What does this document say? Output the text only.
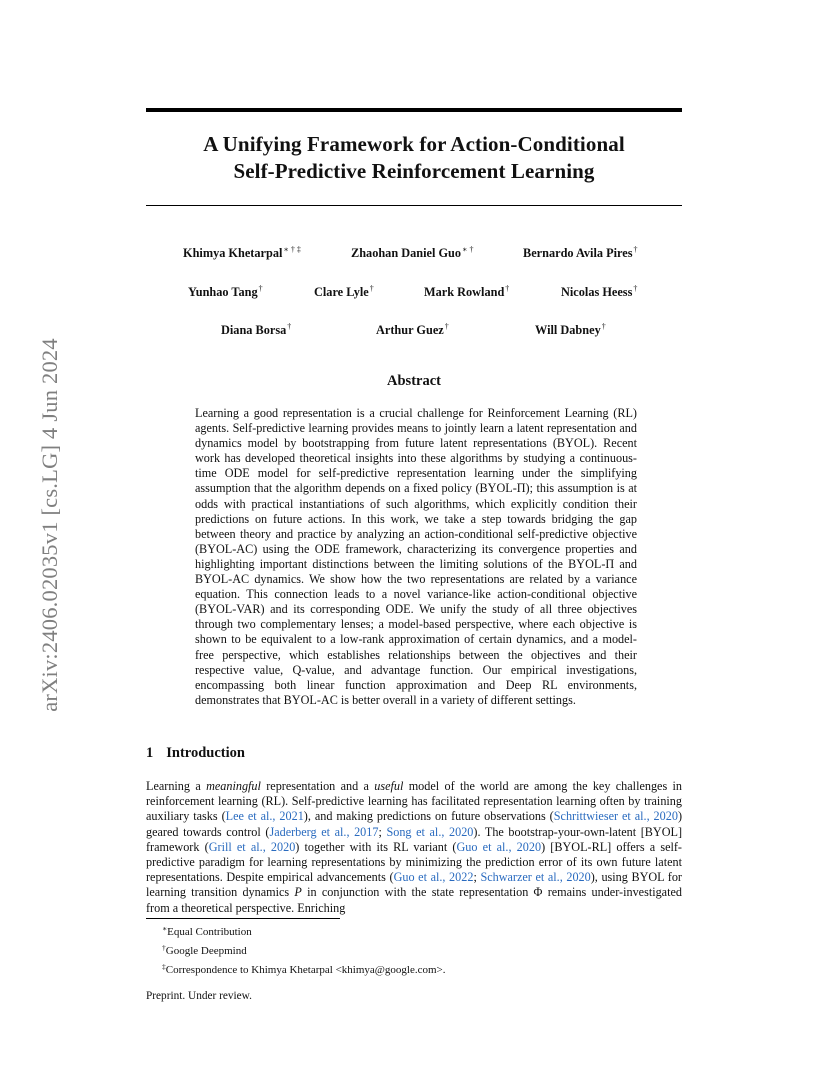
arXiv:2406.02035v1 [cs.LG] 4 Jun 2024
A Unifying Framework for Action-Conditional
Self-Predictive Reinforcement Learning
Khimya Khetarpal∗ † ‡	Zhaohan Daniel Guo∗ †	Bernardo Avila Pires†
Yunhao Tang†	Clare Lyle†	Mark Rowland†	Nicolas Heess†
Diana Borsa†	Arthur Guez†	Will Dabney†
Abstract

Learning a good representation is a crucial challenge for Reinforcement Learning (RL) agents. Self-predictive learning provides means to jointly learn a latent representation and dynamics model by bootstrapping from future latent representations (BYOL). Recent work has developed theoretical insights into these algorithms by studying a continuous-time ODE model for self-predictive representation learning under the simplifying assumption that the algorithm depends on a fixed policy (BYOL-Π); this assumption is at odds with practical instantiations of such algorithms, which explicitly condition their predictions on future actions. In this work, we take a step towards bridging the gap between theory and practice by analyzing an action-conditional self-predictive objective (BYOL-AC) using the ODE framework, characterizing its convergence properties and highlighting important distinctions between the limiting solutions of the BYOL-Π and BYOL-AC dynamics. We show how the two representations are related by a variance equation. This connection leads to a novel variance-like action-conditional objective (BYOL-VAR) and its corresponding ODE. We unify the study of all three objectives through two complementary lenses; a model-based perspective, where each objective is shown to be equivalent to a low-rank approximation of certain dynamics, and a model-free perspective, which establishes relationships between the objectives and their respective value, Q-value, and advantage function. Our empirical investigations, encompassing both linear function approximation and Deep RL environments, demonstrates that BYOL-AC is better overall in a variety of different settings.

1 Introduction

Learning a meaningful representation and a useful model of the world are among the key challenges in reinforcement learning (RL). Self-predictive learning has facilitated representation learning often by training auxiliary tasks (Lee et al., 2021), and making predictions on future observations (Schrittwieser et al., 2020) geared towards control (Jaderberg et al., 2017; Song et al., 2020). The bootstrap-your-own-latent [BYOL] framework (Grill et al., 2020) together with its RL variant (Guo et al., 2020) [BYOL-RL] offers a self-predictive paradigm for learning representations by minimizing the prediction error of its own future latent representations. Despite empirical advancements (Guo et al., 2022; Schwarzer et al., 2020), using BYOL for learning transition dynamics P in conjunction with the state representation Φ remains under-investigated from a theoretical perspective. Enriching

∗Equal Contribution
†Google Deepmind
‡Correspondence to Khimya Khetarpal <khimya@google.com>.
Preprint. Under review.
